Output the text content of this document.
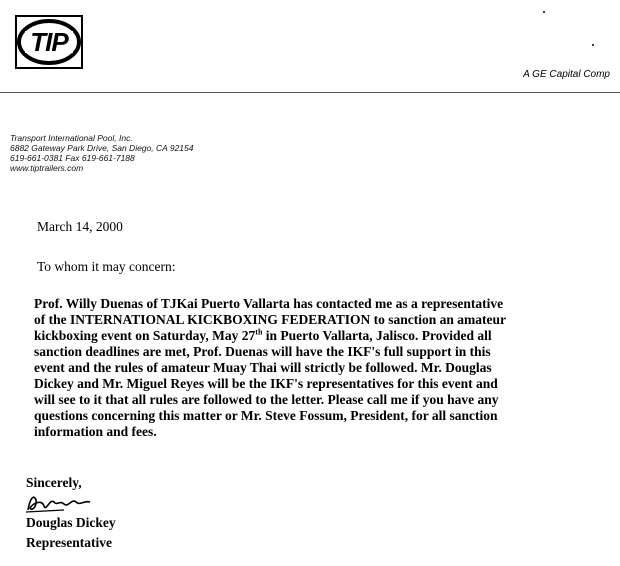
TIP
A GE Capital Comp
Transport International Pool, Inc.
6882 Gateway Park Drive, San Diego, CA 92154
619-661-0381 Fax 619-661-7188
www.tiptrailers.com
March 14, 2000
To whom it may concern:
Prof. Willy Duenas of TJKai Puerto Vallarta has contacted me as a representative
of the INTERNATIONAL KICKBOXING FEDERATION to sanction an amateur
kickboxing event on Saturday, May 27th in Puerto Vallarta, Jalisco. Provided all
sanction deadlines are met, Prof. Duenas will have the IKF's full support in this
event and the rules of amateur Muay Thai will strictly be followed. Mr. Douglas
Dickey and Mr. Miguel Reyes will be the IKF's representatives for this event and
will see to it that all rules are followed to the letter. Please call me if you have any
questions concerning this matter or Mr. Steve Fossum, President, for all sanction
information and fees.
Sincerely,
Douglas Dickey
Representative
